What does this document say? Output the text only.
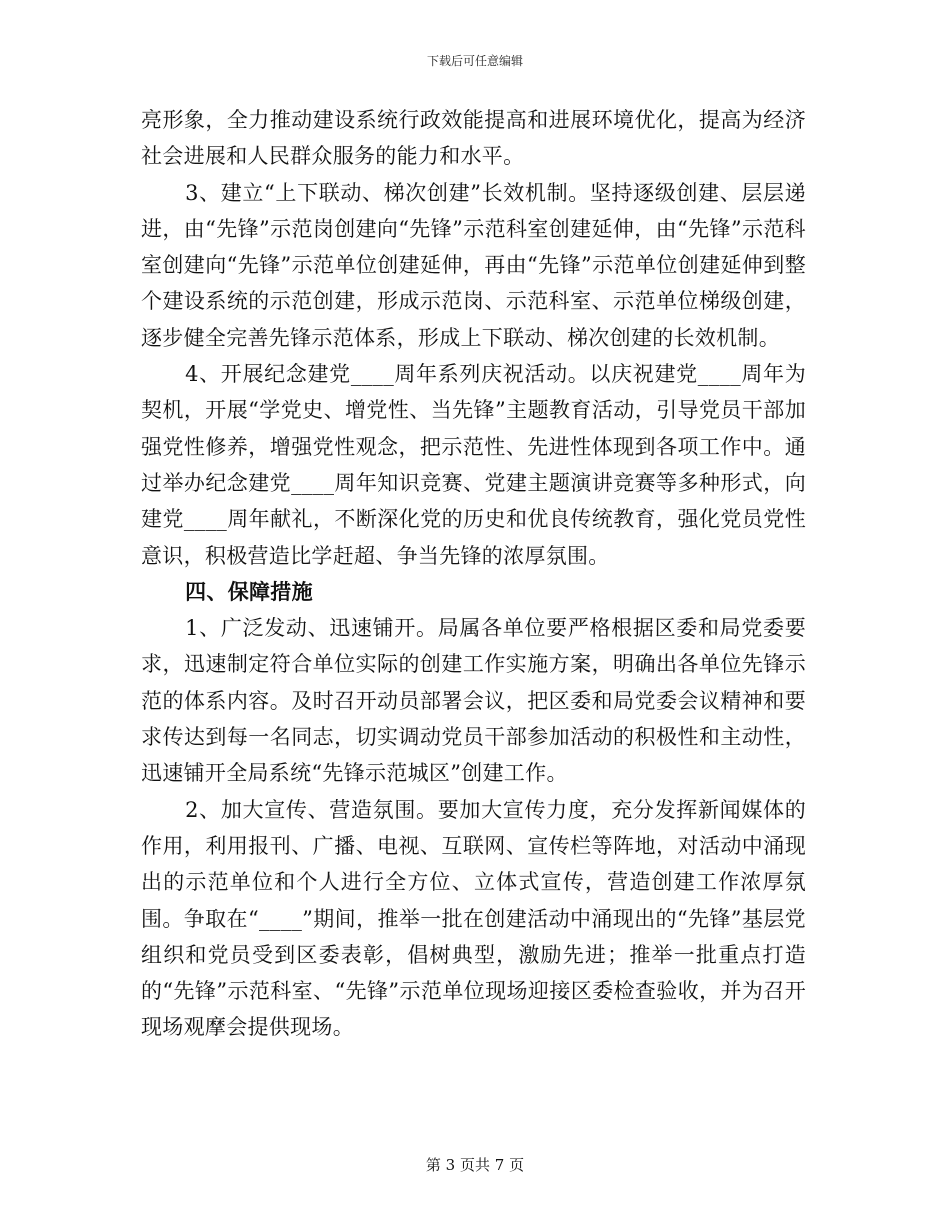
下载后可任意编辑

亮形象，全力推动建设系统行政效能提高和进展环境优化，提高为经济社会进展和人民群众服务的能力和水平。

3、建立“上下联动、梯次创建”长效机制。坚持逐级创建、层层递进，由“先锋”示范岗创建向“先锋”示范科室创建延伸，由“先锋”示范科室创建向“先锋”示范单位创建延伸，再由“先锋”示范单位创建延伸到整个建设系统的示范创建，形成示范岗、示范科室、示范单位梯级创建，逐步健全完善先锋示范体系，形成上下联动、梯次创建的长效机制。

4、开展纪念建党____周年系列庆祝活动。以庆祝建党____周年为契机，开展“学党史、增党性、当先锋”主题教育活动，引导党员干部加强党性修养，增强党性观念，把示范性、先进性体现到各项工作中。通过举办纪念建党____周年知识竞赛、党建主题演讲竞赛等多种形式，向建党____周年献礼，不断深化党的历史和优良传统教育，强化党员党性意识，积极营造比学赶超、争当先锋的浓厚氛围。

四、保障措施

1、广泛发动、迅速铺开。局属各单位要严格根据区委和局党委要求，迅速制定符合单位实际的创建工作实施方案，明确出各单位先锋示范的体系内容。及时召开动员部署会议，把区委和局党委会议精神和要求传达到每一名同志，切实调动党员干部参加活动的积极性和主动性，迅速铺开全局系统“先锋示范城区”创建工作。

2、加大宣传、营造氛围。要加大宣传力度，充分发挥新闻媒体的作用，利用报刊、广播、电视、互联网、宣传栏等阵地，对活动中涌现出的示范单位和个人进行全方位、立体式宣传，营造创建工作浓厚氛围。争取在“____”期间，推举一批在创建活动中涌现出的“先锋”基层党组织和党员受到区委表彰，倡树典型，激励先进；推举一批重点打造的“先锋”示范科室、“先锋”示范单位现场迎接区委检查验收，并为召开现场观摩会提供现场。

第 3 页共 7 页
